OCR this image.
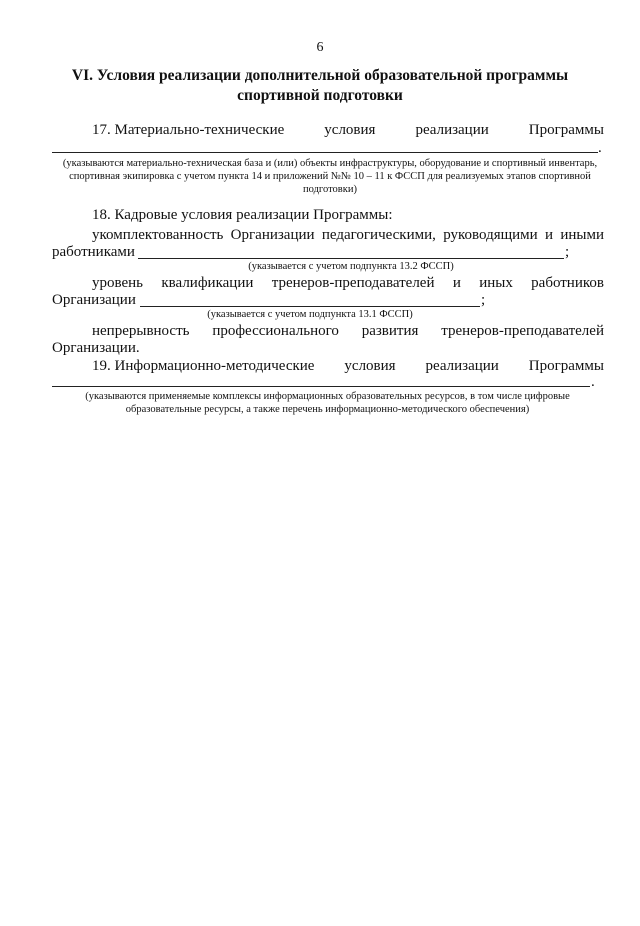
6
VI. Условия реализации дополнительной образовательной программы
спортивной подготовки
17. Материально-технические	условия	реализации	Программы
.
(указываются материально-техническая база и (или) объекты инфраструктуры, оборудование и спортивный инвентарь, спортивная экипировка с учетом пункта 14 и приложений №№ 10 – 11 к ФССП для реализуемых этапов спортивной подготовки)
18. Кадровые условия реализации Программы:
укомплектованность Организации педагогическими, руководящими и иными
работниками	;
(указывается с учетом подпункта 13.2 ФССП)
уровень квалификации тренеров-преподавателей и иных работников
Организации	;
(указывается с учетом подпункта 13.1 ФССП)
непрерывность профессионального развития тренеров-преподавателей
Организации.
19. Информационно-методические условия реализации Программы
.
(указываются применяемые комплексы информационных образовательных ресурсов, в том числе цифровые образовательные ресурсы, а также перечень информационно-методического обеспечения)
